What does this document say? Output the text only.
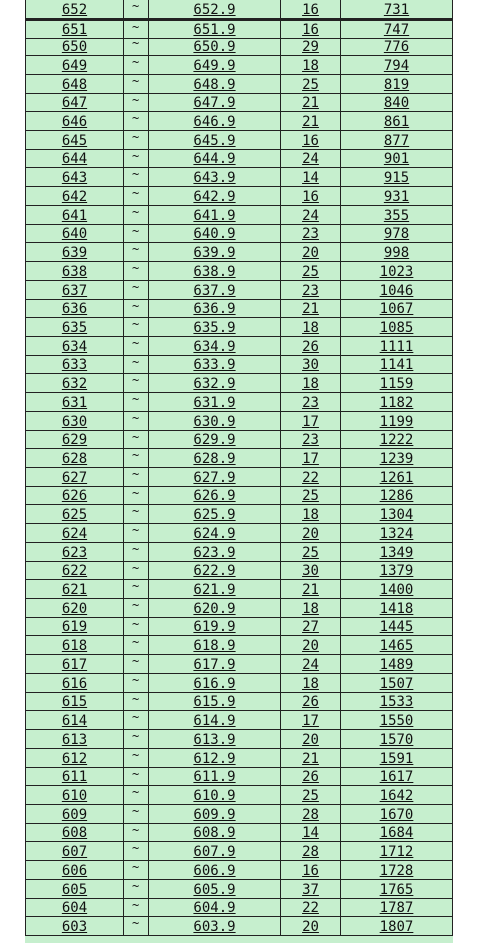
652	~	652.9	16	731
651	~	651.9	16	747
650	~	650.9	29	776
649	~	649.9	18	794
648	~	648.9	25	819
647	~	647.9	21	840
646	~	646.9	21	861
645	~	645.9	16	877
644	~	644.9	24	901
643	~	643.9	14	915
642	~	642.9	16	931
641	~	641.9	24	355
640	~	640.9	23	978
639	~	639.9	20	998
638	~	638.9	25	1023
637	~	637.9	23	1046
636	~	636.9	21	1067
635	~	635.9	18	1085
634	~	634.9	26	1111
633	~	633.9	30	1141
632	~	632.9	18	1159
631	~	631.9	23	1182
630	~	630.9	17	1199
629	~	629.9	23	1222
628	~	628.9	17	1239
627	~	627.9	22	1261
626	~	626.9	25	1286
625	~	625.9	18	1304
624	~	624.9	20	1324
623	~	623.9	25	1349
622	~	622.9	30	1379
621	~	621.9	21	1400
620	~	620.9	18	1418
619	~	619.9	27	1445
618	~	618.9	20	1465
617	~	617.9	24	1489
616	~	616.9	18	1507
615	~	615.9	26	1533
614	~	614.9	17	1550
613	~	613.9	20	1570
612	~	612.9	21	1591
611	~	611.9	26	1617
610	~	610.9	25	1642
609	~	609.9	28	1670
608	~	608.9	14	1684
607	~	607.9	28	1712
606	~	606.9	16	1728
605	~	605.9	37	1765
604	~	604.9	22	1787
603	~	603.9	20	1807
